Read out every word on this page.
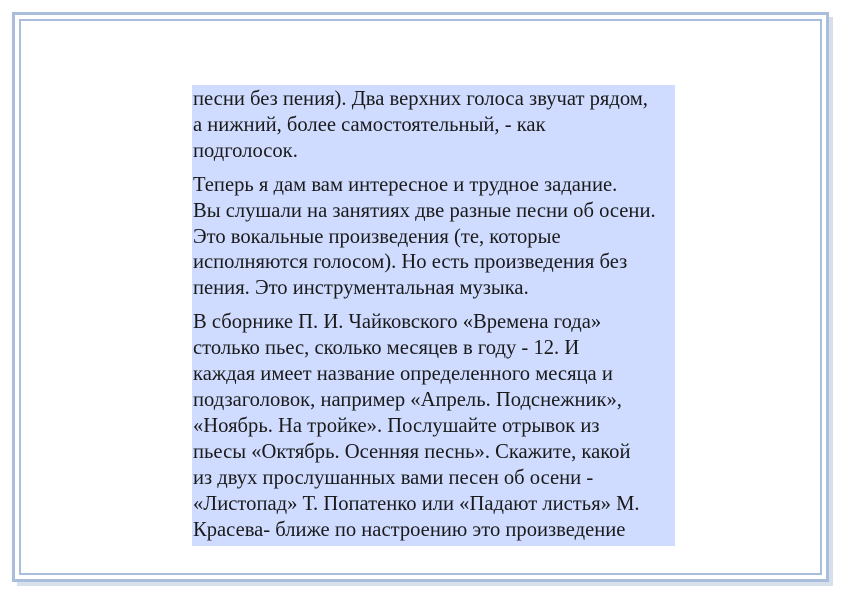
песни без пения). Два верхних голоса звучат рядом,
а нижний, более самостоятельный, - как
подголосок.

Теперь я дам вам интересное и трудное задание.
Вы слушали на занятиях две разные песни об осени.
Это вокальные произведения (те, которые
исполняются голосом). Но есть произведения без
пения. Это инструментальная музыка.

В сборнике П. И. Чайковского «Времена года»
столько пьес, сколько месяцев в году - 12. И
каждая имеет название определенного месяца и
подзаголовок, например «Апрель. Подснежник»,
«Ноябрь. На тройке». Послушайте отрывок из
пьесы «Октябрь. Осенняя песнь». Скажите, какой
из двух прослушанных вами песен об осени -
«Листопад» Т. Попатенко или «Падают листья» М.
Красева- ближе по настроению это произведение
